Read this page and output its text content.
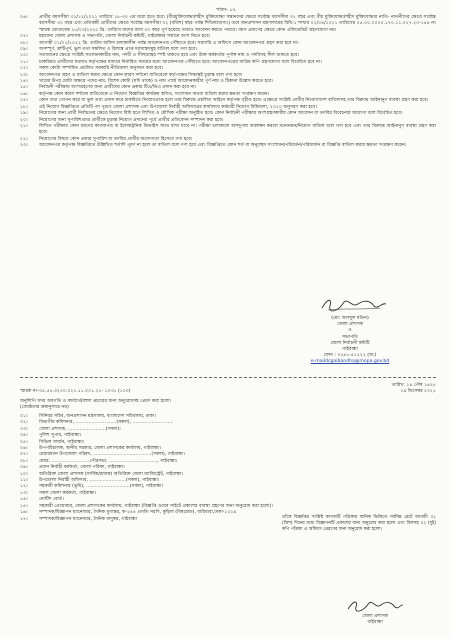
পাতা- ০২
০৬।	প্রার্থীর বয়সসীমা ৩১/১২/২০২১ তারিখে ১৮-৩০ এর মধ্যে হতে হবে। (বীরমুক্তিযোদ্ধা/শহীদ মুক্তিযোদ্ধা সন্তানদের ক্ষেত্রে সর্বোচ্চ বয়সসীমা ৩২ বছর এবং বীর মুক্তিযোদ্ধা/শহীদ মুক্তিযোদ্ধার নাতি- নাতনীদের ক্ষেত্রে সর্বোচ্চ বয়সসীমা ৩০ বছর এবং প্রতিবন্ধী প্রার্থীদের ক্ষেত্রে সর্বোচ্চ বয়সসীমা ৩২ (বত্রিশ) বছর পর্যন্ত শিথিলযোগ্য।) তবে জনপ্রশাসন মন্ত্রণালয়ের বিধি-১ শাখার ০২/০৪/২০২১ তারিখের ০৫.০০.০০০০.১৭০.১১.০২৭.২০-১৪৪ নং স্মারক মোতাবেক ২৫/০৩/২০২০ খ্রি. তারিখে যাদের বয়স ৩০ বছর পূর্ণ হয়েছে তারাও আবেদন করতে পারবে। বয়স প্রমাণের ক্ষেত্রে কোন এফিডেভিট গ্রহণযোগ্য নয়।
০৭।	মহামান্য জেলা প্রশাসক ও সভাপতি, জেলা নির্বাচনী কমিটি, গাইবান্ধার সম্মানে অংশ নিতে হবে।
০৮।	আগামী ০১/০১/২০২২ খ্রি. তারিখ অফিস চলাকালীন পর্যন্ত আবেদনপত্র পৌঁছাতে হবে। সরাসরি এ অফিসে কোন আবেদনপত্র গ্রহণ করা হবে না।
০৯।	অসম্পূর্ণ, ত্রুটিপূর্ণ, ভুল তথ্য সম্বলিত ও বিলম্বে প্রাপ্ত দরখাস্তসমূহ বাতিল বলে গণ্য হবে।
১০।	সত্যায়নের ক্ষেত্রে সংশ্লিষ্ট সত্যায়নকারীর নাম, পদবী ও সীলমোহর স্পষ্ট থাকতে হবে এবং উক্ত কর্মকর্তার পূর্ণাঙ্গ নাম ও পদবিসহ সীল থাকতে হবে।
১১।	চাকরিরত প্রার্থীদের যথাযথ কর্তৃপক্ষের মাধ্যমে নির্ধারিত সময়ের মধ্যে আবেদনপত্র পৌঁছাতে হবে। আবেদনপত্রের অগ্রিম কপি গ্রহণযোগ্য বলে বিবেচিত হবে না।
১২।	সকল কোটা সম্পর্কিত প্রচলিত সরকারি নীতিমালা অনুসরণ করা হবে।
১৩।	আবেদনপত্র গ্রহণ ও বাতিল করার ক্ষেত্রে কোন কারণ দর্শানো ব্যতিরেকে কর্তৃপক্ষের সিদ্ধান্তই চূড়ান্ত বলে গণ্য হবে।
১৪।	খামের উপর মোটা অক্ষরে পদের নাম, বিশেষ কোটা (যদি থাকে) ও নাম পার্শ্বে আবেদনকারীর পূর্ণ নাম ও ঠিকানা উল্লেখ করতে হবে।
১৫।	নির্বাচনী পরীক্ষায় অংশগ্রহণের জন্য প্রার্থীদের কোন প্রকার টিএ/ডিএ প্রদান করা হবে না।
১৬।	কর্তৃপক্ষ কোন কারণ দর্শানো ব্যতিরেকে এ নিয়োগ বিজ্ঞপ্তির কার্যক্রম স্থগিত, সংশোধন অথবা বাতিল করার ক্ষমতা সংরক্ষণ করেন।
১৭।	কোন তথ্য গোপন করে বা ভুল তথ্য প্রদান করে চাকরিতে নিয়োগপ্রাপ্ত হলে তার বিরুদ্ধে প্রচলিত আইনে কর্তৃপক্ষ গৃহীত হবে। এক্ষেত্রে সংশ্লিষ্ট প্রার্থীর নিয়োগাদেশ বাতিলসহ তার বিরুদ্ধে আইনানুগ ব্যবস্থা গ্রহণ করা হবে।
১৮।	এই নিয়োগ বিজ্ঞপ্তিতে প্রতিটি পদ পূরণে জেলা প্রশাসক এবং উপজেলা নির্বাহী অফিসারের কার্যালয়ে কর্মচারী নিয়োগ বিধিমালা, ২০২০ অনুসরণ করা হবে।
১৯।	নিয়োগের জন্য প্রার্থী নির্বাচনের ক্ষেত্রে নিয়োগ বিধি হতে লিখিত ও মৌখিক পরীক্ষা অনুষ্ঠিত হবে। কোন নির্বাচনী পরীক্ষায় অংশগ্রহণকারীর কোন আবেদন বা তদবির বিবেচনার অযোগ্য বলে বিবেচিত হবে।
২০।	নিয়োগের জন্য সুপারিশপ্রাপ্ত প্রার্থীকে চূড়ান্ত নিয়োগ প্রদানের পূর্বে প্রার্থীর প্রতিবেদন সম্পাদন করা হবে।
২১।	লিখিত পরীক্ষায় কোন ধরণের কাগজপত্র বা ইলেকট্রনিক ডিভাইস সাথে রাখা যাবে না। পরীক্ষা চলাকালে অসদুপায় অবলম্বন করলে মনোনয়ন/নিয়োগ বাতিল বলে গণ্য হবে এবং তার বিরুদ্ধে আইনানুগ ব্যবস্থা গ্রহণ করা হবে।
২২।	নিয়োগের বিষয়ে কোন প্রকার সুপারিশ বা তদবির প্রার্থীর অযোগ্যতা হিসেবে গণ্য হবে।
২৩।	আবেদনপত্র কর্তৃপক্ষ বিজ্ঞপ্তিতে উল্লিখিত শর্তাদি পূরণ না হলে তা বাতিল বলে গণ্য হবে এবং বিজ্ঞপ্তিতে কোন শর্ত বা অনুচ্ছেদ সংশোধন/পরিবর্তন/পরিমার্জন বা বিজ্ঞপ্তি বাতিল করার ক্ষমতা সংরক্ষণ করেন।
(মো: আবদুল মতিন)
জেলা প্রশাসক
ও
সভাপতি
জেলা নির্বাচনী কমিটি
গাইবান্ধা
ফোন : ০৫৪১-৫১২২২ (অ:)
e-maildcgaibandha@mopa.gov.bd
স্মারক নং-০৫.৫৫.৩২০০.০২১.১১.০০১.২১- ১০৩১ (১০০)
তারিখ: ১৪ পৌষ ১৪২৮
২৯ ডিসেম্বর ২০২১
অনুলিপি সদয় অবগতি ও কার্যার্থে/বহুল প্রচারের জন্য অনুরোধসহ প্রেরণ করা হলো।
(জ্যেষ্ঠতার ক্রমানুসারে নয়)
০১।	সিনিয়র সচিব, জনপ্রশাসন মন্ত্রণালয়, বাংলাদেশ সচিবালয়, ঢাকা।
০২।	বিভাগীয় কমিশনার, ............................(সকল), ............................
০৩।	জেলা প্রশাসক, ..........................(সকল)।
০৪।	পুলিশ সুপার, গাইবান্ধা।
০৫।	সিভিল সার্জন, গাইবান্ধা।
০৬।	উপপরিচালক, স্থানীয় সরকার, জেলা প্রশাসকের কার্যালয়, গাইবান্ধা।
০৭।	চেয়ারম্যান উপজেলা পরিষদ, ........................................(সকল), গাইবান্ধা।
০৮।	মেয়র, ..........................পৌরসভা, ................................., গাইবান্ধা।
০৯।	প্রধান নির্বাহী কর্মকর্তা, জেলা পরিষদ, গাইবান্ধা।
১০।	অতিরিক্ত জেলা প্রশাসক (সার্বিক/রাজস্ব) অতিরিক্ত জেলা ম্যাজিস্ট্রেট, গাইবান্ধা।
১১।	উপজেলা নির্বাহী অফিসার, .........................(সকল), গাইবান্ধা।
১২।	সহকারী কমিশনার (ভূমি), ..............................(সকল), গাইবান্ধা।
১৩।	সকল জেলা কর্মকর্তা, গাইবান্ধা।
১৪।	নোটিশ বোর্ড।
১৫।	সহকারী প্রোগ্রামার, জেলা প্রশাসকের কার্যালয়, গাইবান্ধা (বিজ্ঞপ্তি ওয়েব সাইটে প্রকাশের ব্যবস্থা গ্রহণের জন্য অনুরোধ করা হলো)।
১৬।	সম্পাদক/বিজ্ঞাপন ম্যানেজার, দৈনিক যুগান্তর, ক-২৪৪ প্রগতি সরণি, কুড়িল (বিশ্বরোড), বারিধারা,ঢাকা-১২২৯
১৭।	সম্পাদক/বিজ্ঞাপন ম্যানেজার, দৈনিক মাদুকর, গাইবান্ধা	তাঁকে বিজ্ঞপ্তির সংশ্লিষ্ট কাগজটি পত্রিকায় স্থানিক ভিত্তিতে সর্বনিম্ন রেটে আগামী ৩১ (ত্রিশ) দিনের মধ্যে বিজ্ঞাপনটি প্রকাশের জন্য অনুরোধ করা হলো এবং বিলসহ ০২ (দুই) কপি পত্রিকা এ অফিসে প্রেরণের জন্য অনুরোধ করা হলো।
জেলা প্রশাসক
গাইবান্ধা
